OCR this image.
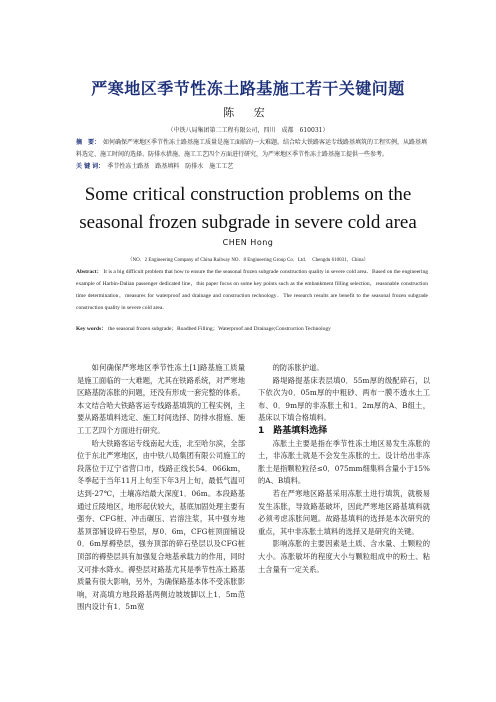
严寒地区季节性冻土路基施工若干关键问题
陈 宏
（中铁八局集团第二工程有限公司，四川　成都　610031）
摘　要： 如何确保严寒地区季节性冻土路基施工质量是施工面临的一大难题。结合哈大铁路客运专线路基填筑的工程实例，从路基填料选定、施工时间的选择、防排水措施、施工工艺四个方面进行研究，为严寒地区季节性冻土路基施工提供一些参考。
关 键 词： 季节性冻土路基　路基填料　防排水　施工工艺
Some critical construction problems on the
seasonal frozen subgrade in severe cold area
CHEN Hong
（NO．2 Engineering Company of China Railway NO．8 Engineering Group Co．Ltd．　Chengdu 610031，China）
Abstract： It is a big difficult problem that how to ensure the the seasonal frozen subgrade construction quality in severe cold area．Based on the engineering example of Harbin-Dalian passenger dedicated line，this paper focus on some key points such as the embankment filling selection，reasonable construction time determination，measures for waterproof and drainage and construction technology．The research results are benefit to the seasonal frozen subgrade construction quality in severe cold area．
Key words： the seasonal frozen subgrade；Roadbed Filling；Waterproof and Drainage;Construction Technology

如何确保严寒地区季节性冻土[1]路基施工质量是施工面临的一大难题，尤其在铁路系统，对严寒地区路基防冻胀的问题，还没有形成一套完整的体系。本文结合哈大铁路客运专线路基填筑的工程实例，主要从路基填料选定、施工时间选择、防排水措施、施工工艺四个方面进行研究。

哈大铁路客运专线南起大连，北至哈尔滨，全部位于东北严寒地区，由中铁八局集团有限公司施工的段落位于辽宁省营口市，线路正线长54．066km，冬季起于当年11月上旬至下年3月上旬，最低气温可达到-27℃，土壤冻结最大深度1．06m。本段路基通过丘陵地区，地形起伏较大，基底加固处理主要有强夯、CFG桩、冲击碾压、岩溶注浆，其中强夯地基顶部铺设碎石垫层，厚0．6m，CFG桩顶面铺设0．6m厚褥垫层，强夯顶部的碎石垫层以及CFG桩顶部的褥垫层具有加强复合地基承载力的作用，同时又可排水降水。褥垫层对路基尤其是季节性冻土路基质量有很大影响，另外，为确保路基本体不受冻胀影响，对高填方地段路基两侧边坡坡脚以上1．5m范围内设计有1．5m宽

的防冻胀护道。

路堤路提基床表层填0．55m厚的级配碎石，以下依次为0．05m厚的中粗砂、两布一膜不透水土工布、0．9m厚的非冻胀土和1．2m厚的A、B组土，基床以下填合格填料。

1　路基填料选择

冻胀土主要是指在季节性冻土地区易发生冻胀的土，非冻胀土就是不会发生冻胀的土。设计给出非冻胀土是指颗粒粒径≤0．075mm细集料含量小于15%的A、B填料。

若在严寒地区路基采用冻胀土进行填筑，就极易发生冻胀，导致路基破坏，因此严寒地区路基填料就必须考虑冻胀问题。故路基填料的选择是本次研究的重点，其中非冻胀土填料的选择又是研究的关键。

影响冻胀的主要因素是土质、含水量、土颗粒的大小。冻胀敏坏的程度大小与颗粒组成中的粉土、粘土含量有一定关系。
